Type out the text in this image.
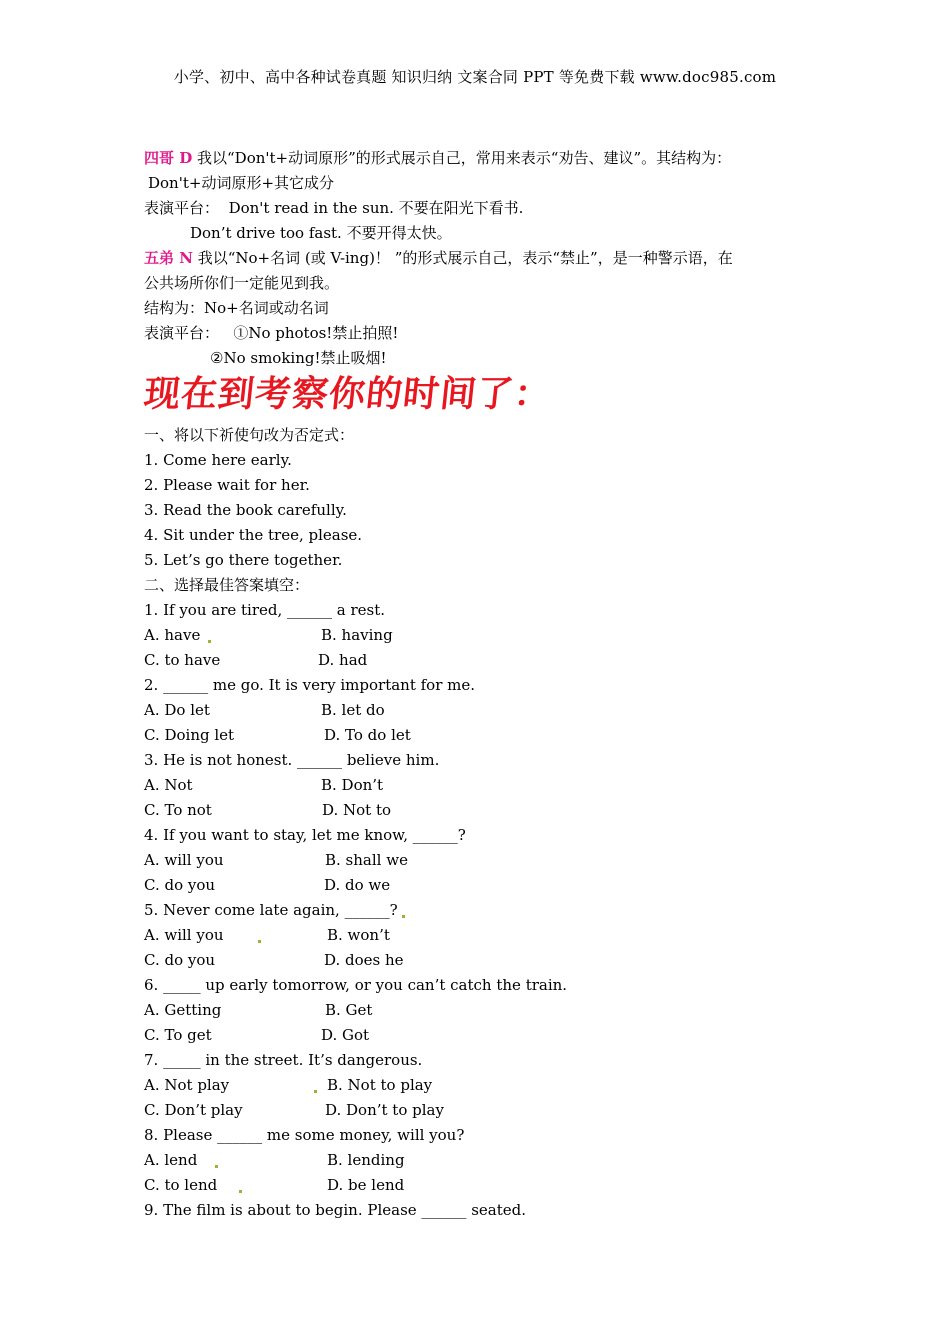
小学、初中、高中各种试卷真题 知识归纳 文案合同 PPT 等免费下载 www.doc985.com
四哥 D 我以“Don't+动词原形”的形式展示自己，常用来表示“劝告、建议”。其结构为：
Don't+动词原形+其它成分
表演平台： Don't read in the sun. 不要在阳光下看书.
Don’t drive too fast. 不要开得太快。
五弟 N 我以“No+名词 (或 V-ing)！ ”的形式展示自己，表示“禁止”，是一种警示语，在
公共场所你们一定能见到我。
结构为：No+名词或动名词
表演平台： ①No photos!禁止拍照!
②No smoking!禁止吸烟!
现在到考察你的时间了：
一、将以下祈使句改为否定式：
1. Come here early.
2. Please wait for her.
3. Read the book carefully.
4. Sit under the tree, please.
5. Let’s go there together.
二、选择最佳答案填空：
1. If you are tired, ______ a rest.
A. have	B. having
C. to have	D. had
2. ______ me go. It is very important for me.
A. Do let	B. let do
C. Doing let	D. To do let
3. He is not honest. ______ believe him.
A. Not	B. Don’t
C. To not	D. Not to
4. If you want to stay, let me know, ______?
A. will you	B. shall we
C. do you	D. do we
5. Never come late again, ______?
A. will you	B. won’t
C. do you	D. does he
6. _____ up early tomorrow, or you can’t catch the train.
A. Getting	B. Get
C. To get	D. Got
7. _____ in the street. It’s dangerous.
A. Not play	B. Not to play
C. Don’t play	D. Don’t to play
8. Please ______ me some money, will you?
A. lend	B. lending
C. to lend	D. be lend
9. The film is about to begin. Please ______ seated.
